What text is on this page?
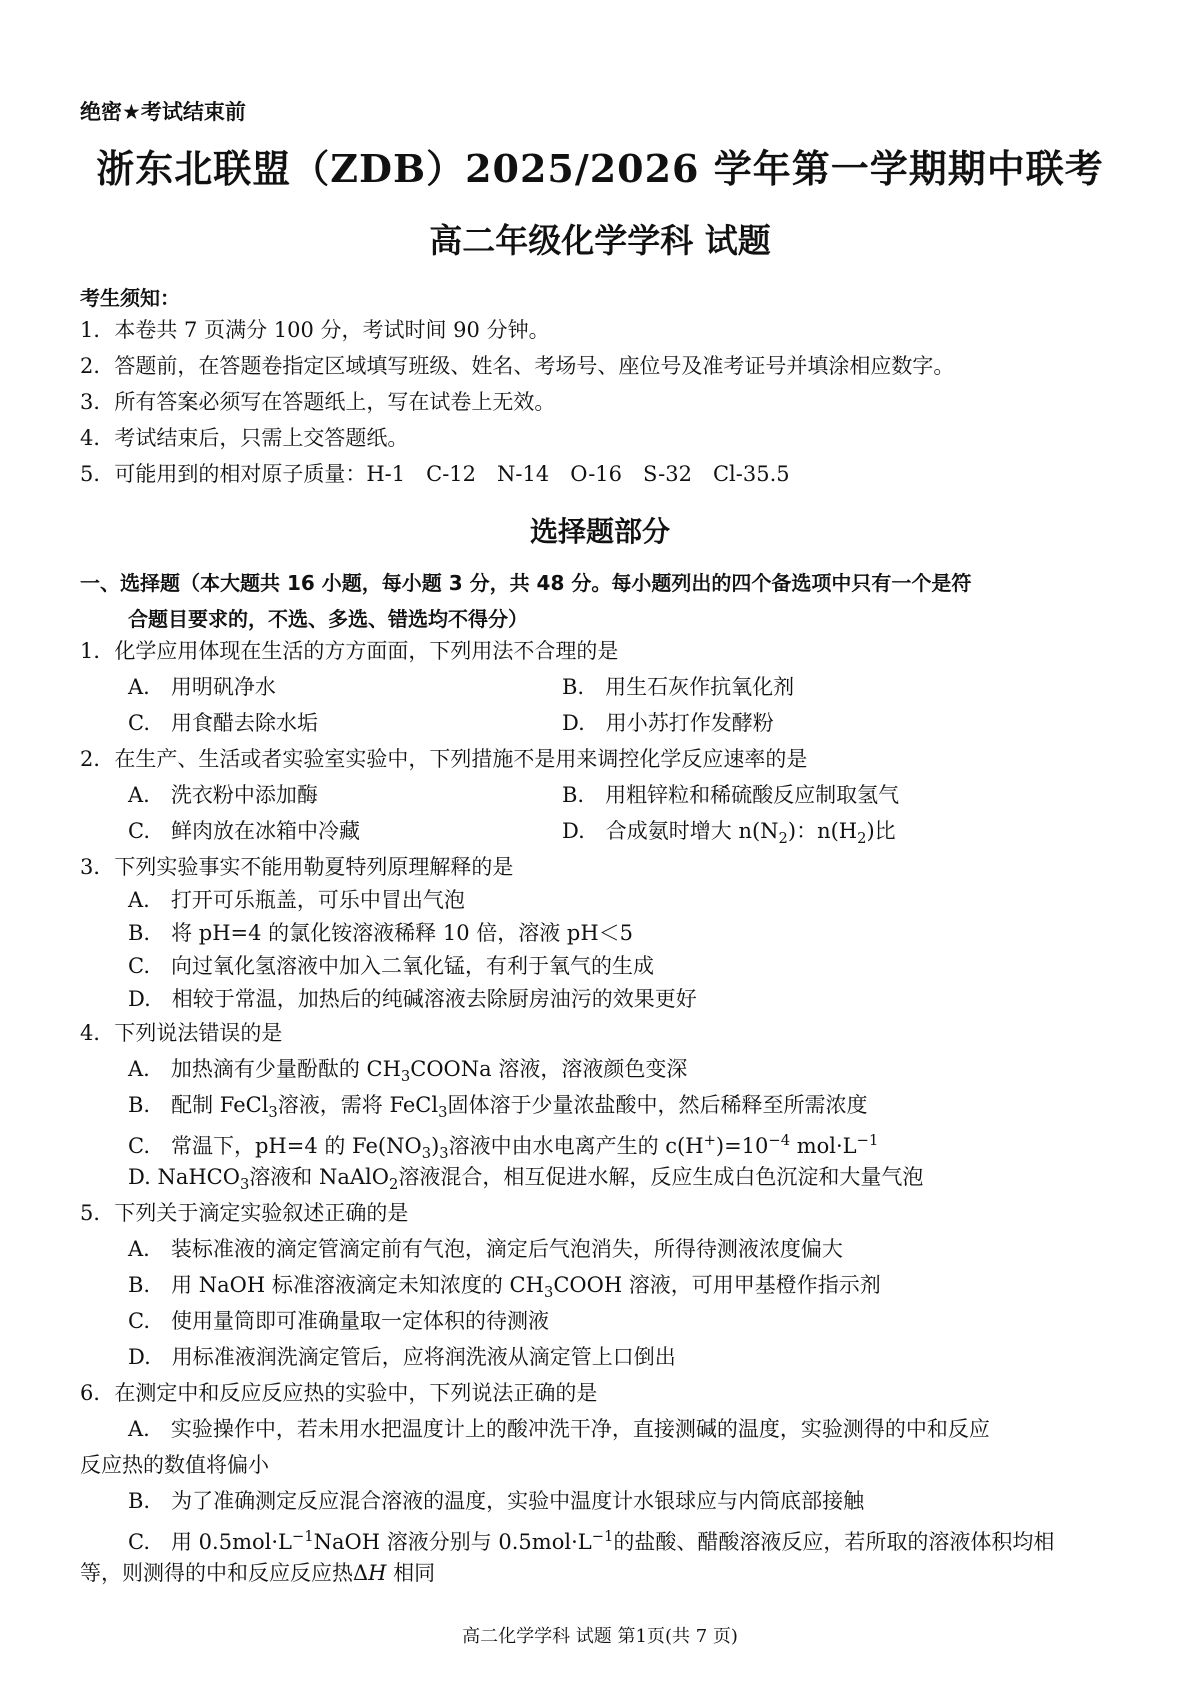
绝密★考试结束前
浙东北联盟（ZDB）2025/2026 学年第一学期期中联考
高二年级化学学科 试题
考生须知：
1．本卷共 7 页满分 100 分，考试时间 90 分钟。
2．答题前，在答题卷指定区域填写班级、姓名、考场号、座位号及准考证号并填涂相应数字。
3．所有答案必须写在答题纸上，写在试卷上无效。
4．考试结束后，只需上交答题纸。
5．可能用到的相对原子质量：H-1　C-12　N-14　O-16　S-32　Cl-35.5
选择题部分
一、选择题（本大题共 16 小题，每小题 3 分，共 48 分。每小题列出的四个备选项中只有一个是符
合题目要求的，不选、多选、错选均不得分）
1．化学应用体现在生活的方方面面，下列用法不合理的是
A.　用明矾净水	B.　用生石灰作抗氧化剂
C.　用食醋去除水垢	D.　用小苏打作发酵粉
2．在生产、生活或者实验室实验中，下列措施不是用来调控化学反应速率的是
A.　洗衣粉中添加酶	B.　用粗锌粒和稀硫酸反应制取氢气
C.　鲜肉放在冰箱中冷藏	D.　合成氨时增大 $n(N_2)$：$n(H_2)$比
3．下列实验事实不能用勒夏特列原理解释的是
A.　打开可乐瓶盖，可乐中冒出气泡
B.　将 pH=4 的氯化铵溶液稀释 10 倍，溶液 pH＜5
C.　向过氧化氢溶液中加入二氧化锰，有利于氧气的生成
D.　相较于常温，加热后的纯碱溶液去除厨房油污的效果更好
4．下列说法错误的是
A.　加热滴有少量酚酞的 $CH_3COONa$ 溶液，溶液颜色变深
B.　配制 FeCl$_3$溶液，需将 FeCl$_3$固体溶于少量浓盐酸中，然后稀释至所需浓度
C.　常温下，pH=4 的 $Fe(NO_3)_3$溶液中由水电离产生的 $c(H^+)=10^{-4}$ $mol\cdot L^{-1}$
D. NaHCO$_3$溶液和 NaAlO$_2$溶液混合，相互促进水解，反应生成白色沉淀和大量气泡
5．下列关于滴定实验叙述正确的是
A.　装标准液的滴定管滴定前有气泡，滴定后气泡消失，所得待测液浓度偏大
B.　用 NaOH 标准溶液滴定未知浓度的 $CH_3COOH$ 溶液，可用甲基橙作指示剂
C.　使用量筒即可准确量取一定体积的待测液
D.　用标准液润洗滴定管后，应将润洗液从滴定管上口倒出
6．在测定中和反应反应热的实验中，下列说法正确的是
A.　实验操作中，若未用水把温度计上的酸冲洗干净，直接测碱的温度，实验测得的中和反应
反应热的数值将偏小
B.　为了准确测定反应混合溶液的温度，实验中温度计水银球应与内筒底部接触
C.　用 $0.5mol\cdot L^{-1}NaOH$ 溶液分别与 $0.5mol\cdot L^{-1}$的盐酸、醋酸溶液反应，若所取的溶液体积均相
等，则测得的中和反应反应热ΔH 相同
高二化学学科 试题 第1页(共 7 页)
